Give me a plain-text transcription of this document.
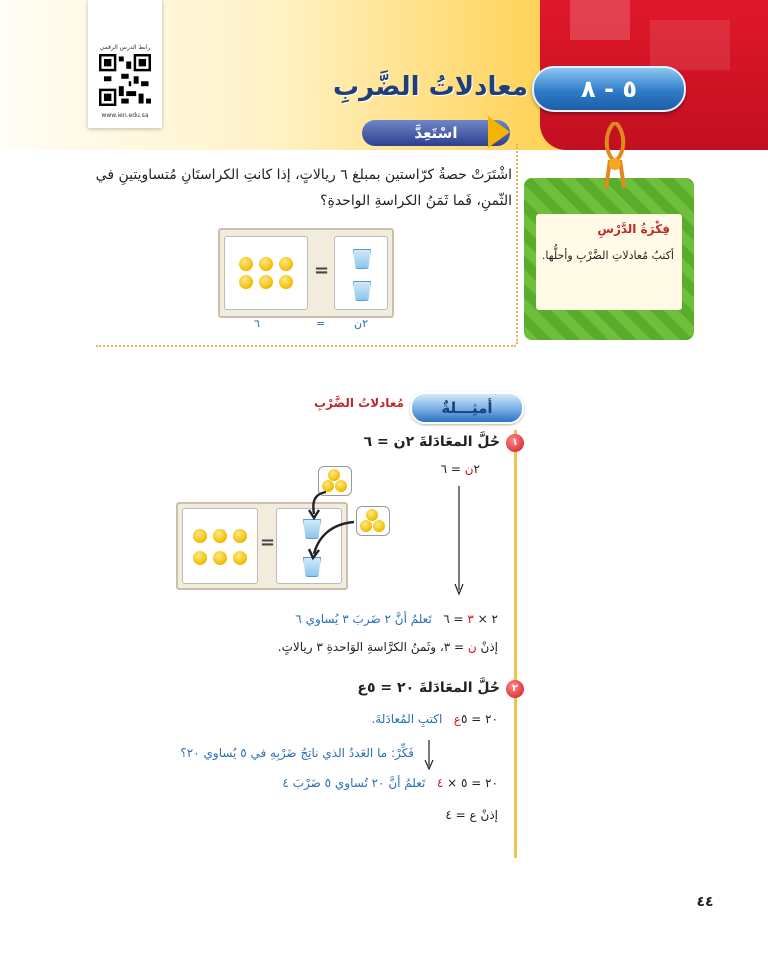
رابط الدرس الرقمي
www.ien.edu.sa
٥ - ٨
معادلاتُ الضَّربِ
اسْتَعِدَّ
اشْتَرَتْ حصةُ كرّاستين بمبلغ ٦ ريالاتٍ، إذا كانتِ الكراستَانِ مُتساويتينِ في الثّمنِ، فَما ثَمَنُ الكراسةِ الواحدةِ؟
=
٦	=	٢ن
فِكْرَةُ الدَّرْسِ
أكتبُ مُعادلاتِ الضَّرْبِ وأحلُّها.
أمثِـــلةٌ
مُعادلاتُ الضَّرْبِ
١
حُلَّ المعَادَلةَ ٢ن = ٦
٢ن = ٦
=
٢ × ٣ = ٦   تَعلمُ أنَّ ٢ ضَربَ ٣ يُساوي ٦
إذنْ ن = ٣، وثَمنُ الكرَّاسةِ الوَاحدةِ ٣ ريالاتٍ.
٢
حُلَّ المعَادَلةَ ٢٠ = ٥ع
٢٠ = ٥ع   اكتبِ المُعادَلةَ.
فَكِّرْ: ما العَددُ الذي ناتِجُ ضَرْبِهِ في ٥ يُساوي ٢٠؟
٢٠ = ٥ × ٤   تَعلمُ أنَّ ٢٠ تُساوي ٥ ضَرْبَ ٤
إذنْ ع = ٤
٤٤
